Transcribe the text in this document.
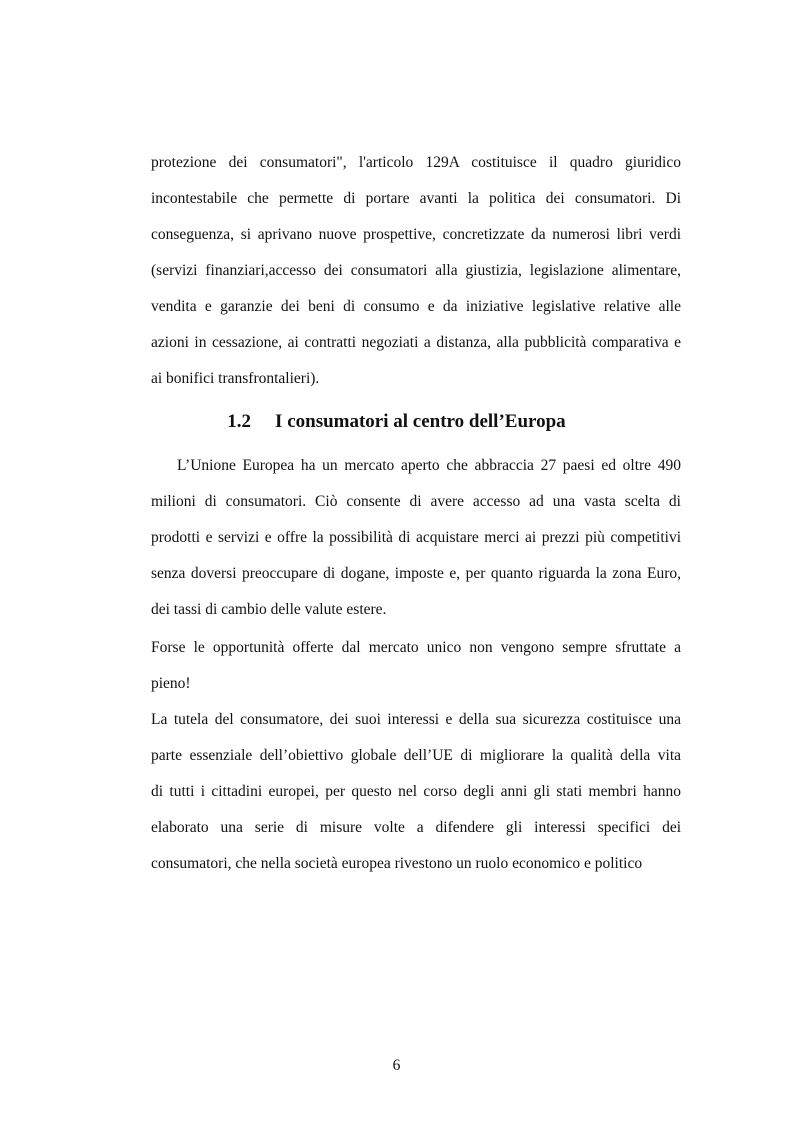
protezione dei consumatori", l'articolo 129A costituisce il quadro giuridico
incontestabile che permette di portare avanti la politica dei consumatori. Di
conseguenza, si aprivano nuove prospettive, concretizzate da numerosi libri verdi
(servizi finanziari,accesso dei consumatori alla giustizia, legislazione alimentare,
vendita e garanzie dei beni di consumo e da iniziative legislative relative alle
azioni in cessazione, ai contratti negoziati a distanza, alla pubblicità comparativa e
ai bonifici transfrontalieri).
1.2 I consumatori al centro dell’Europa
L’Unione Europea ha un mercato aperto che abbraccia 27 paesi ed oltre 490
milioni di consumatori. Ciò consente di avere accesso ad una vasta scelta di
prodotti e servizi e offre la possibilità di acquistare merci ai prezzi più competitivi
senza doversi preoccupare di dogane, imposte e, per quanto riguarda la zona Euro,
dei tassi di cambio delle valute estere.
Forse le opportunità offerte dal mercato unico non vengono sempre sfruttate a
pieno!
La tutela del consumatore, dei suoi interessi e della sua sicurezza costituisce una
parte essenziale dell’obiettivo globale dell’UE di migliorare la qualità della vita
di tutti i cittadini europei, per questo nel corso degli anni gli stati membri hanno
elaborato una serie di misure volte a difendere gli interessi specifici dei
consumatori, che nella società europea rivestono un ruolo economico e politico
6
